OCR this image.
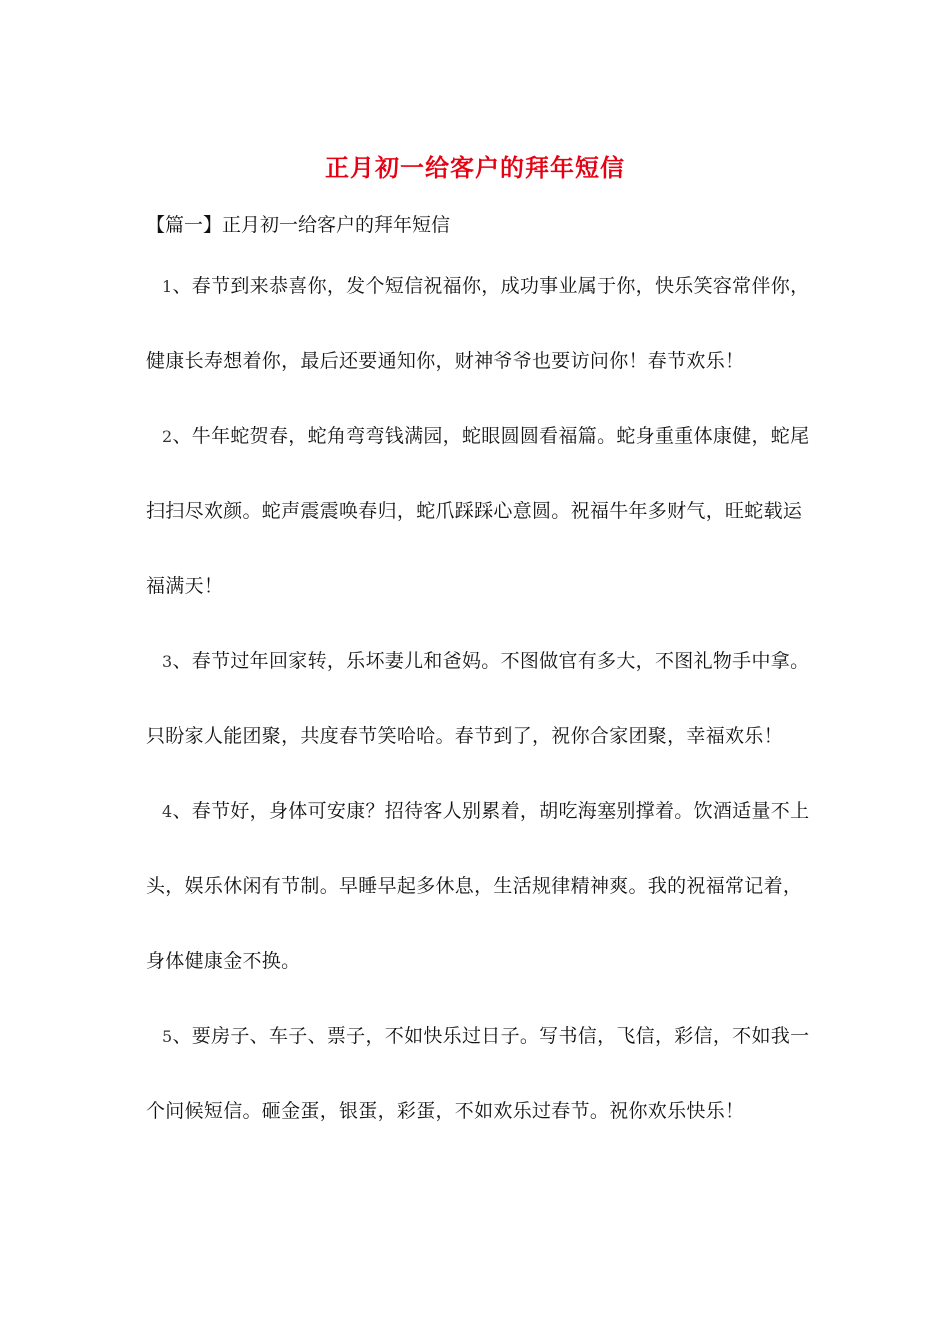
正月初一给客户的拜年短信
【篇一】正月初一给客户的拜年短信
1、春节到来恭喜你，发个短信祝福你，成功事业属于你，快乐笑容常伴你，
健康长寿想着你，最后还要通知你，财神爷爷也要访问你！春节欢乐！
2、牛年蛇贺春，蛇角弯弯钱满园，蛇眼圆圆看福篇。蛇身重重体康健，蛇尾
扫扫尽欢颜。蛇声震震唤春归，蛇爪踩踩心意圆。祝福牛年多财气，旺蛇载运
福满天！
3、春节过年回家转，乐坏妻儿和爸妈。不图做官有多大，不图礼物手中拿。
只盼家人能团聚，共度春节笑哈哈。春节到了，祝你合家团聚，幸福欢乐！
4、春节好，身体可安康？招待客人别累着，胡吃海塞别撑着。饮酒适量不上
头，娱乐休闲有节制。早睡早起多休息，生活规律精神爽。我的祝福常记着，
身体健康金不换。
5、要房子、车子、票子，不如快乐过日子。写书信，飞信，彩信，不如我一
个问候短信。砸金蛋，银蛋，彩蛋，不如欢乐过春节。祝你欢乐快乐！
